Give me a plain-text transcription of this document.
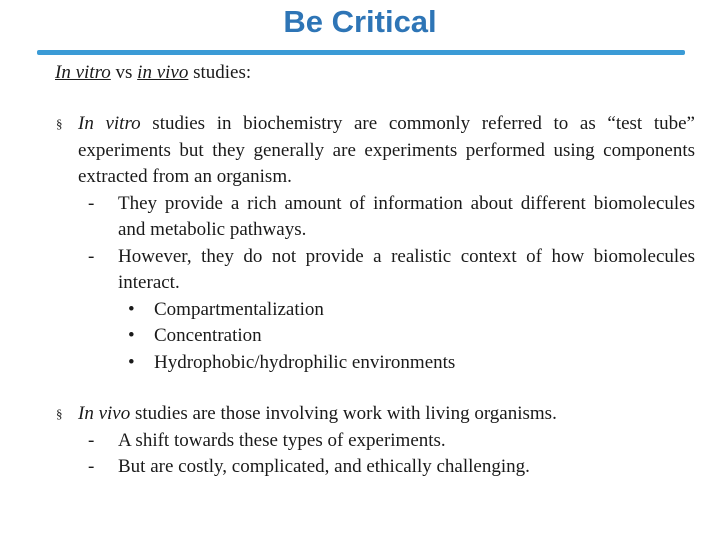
Be Critical

In vitro vs in vivo studies:

§ In vitro studies in biochemistry are commonly referred to as “test tube” experiments but they generally are experiments performed using components extracted from an organism.

- They provide a rich amount of information about different biomolecules and metabolic pathways.

- However, they do not provide a realistic context of how biomolecules interact.

• Compartmentalization

• Concentration

• Hydrophobic/hydrophilic environments

§ In vivo studies are those involving work with living organisms.

- A shift towards these types of experiments.

- But are costly, complicated, and ethically challenging.
